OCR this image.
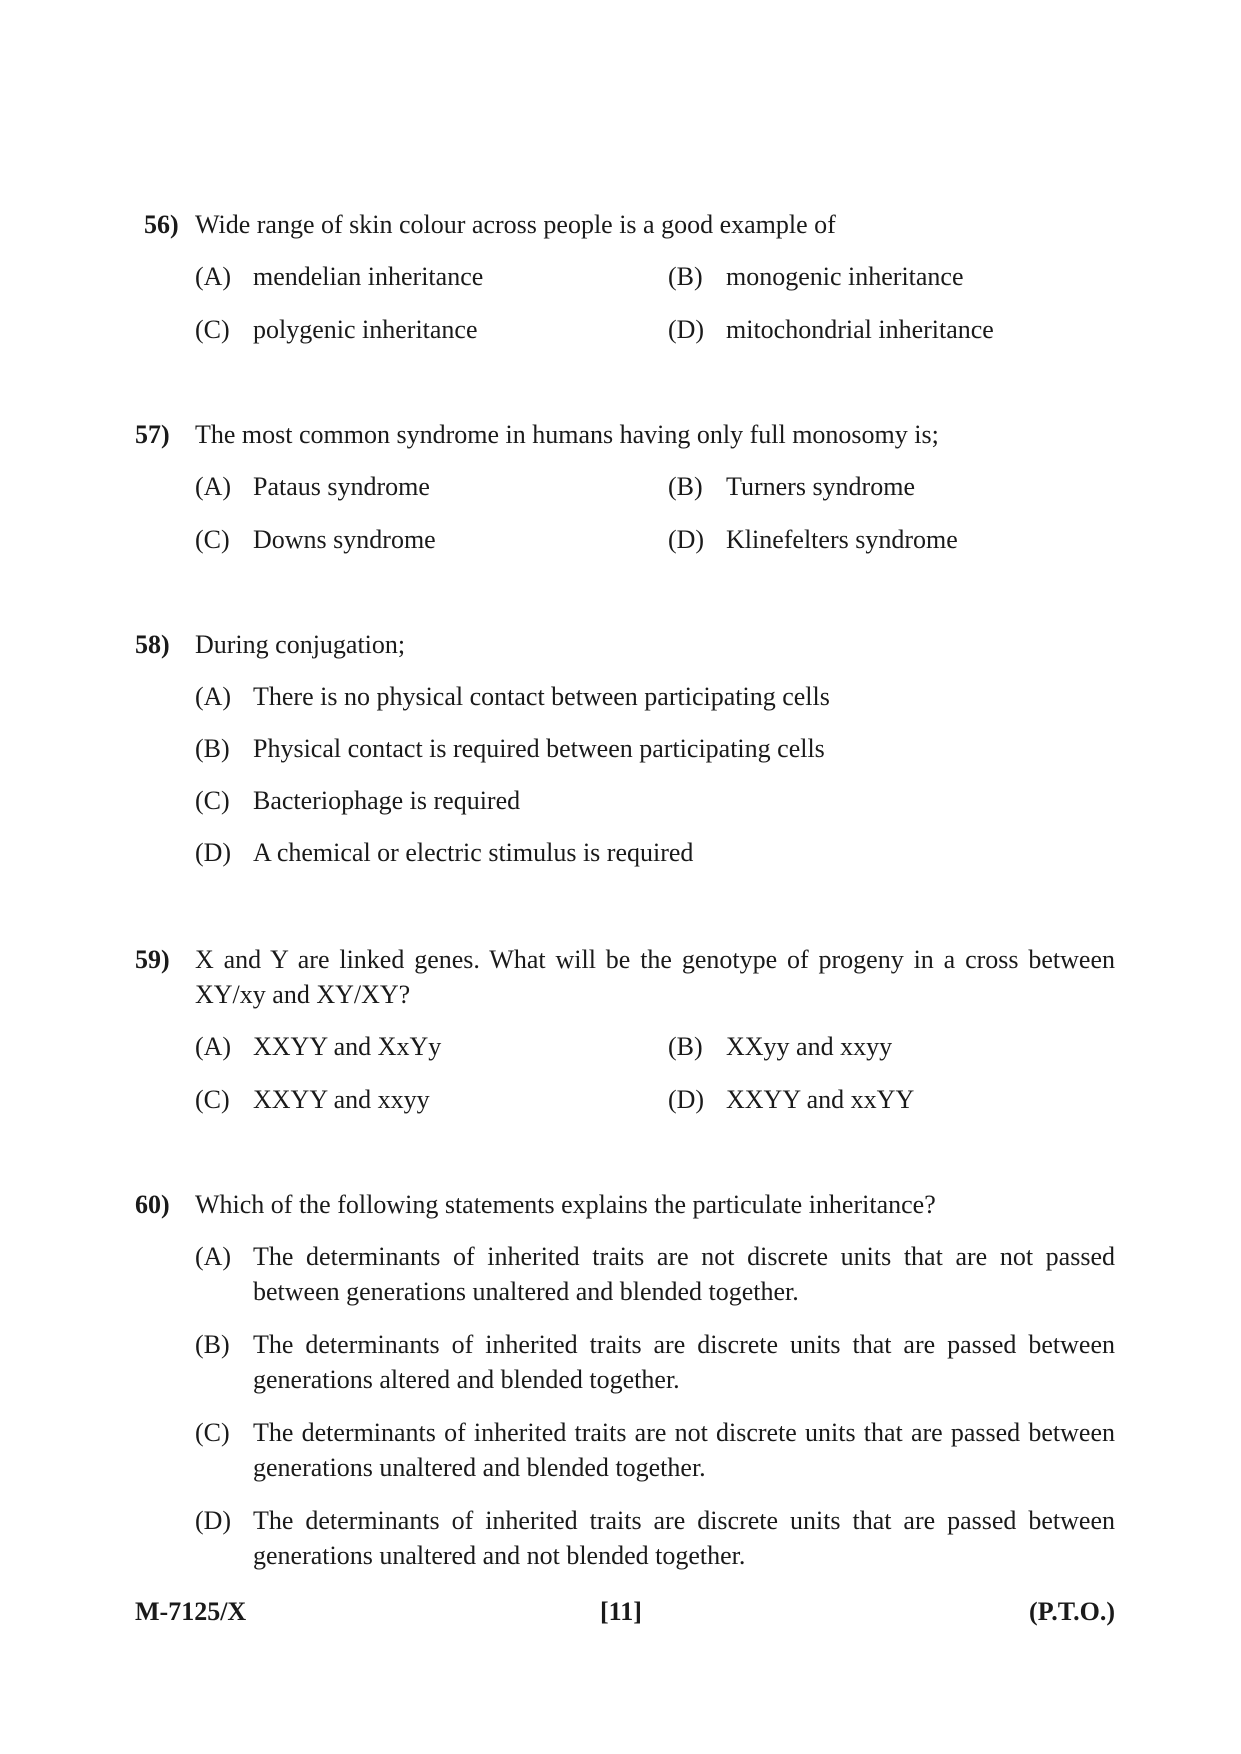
56) Wide range of skin colour across people is a good example of
(A) mendelian inheritance	(B) monogenic inheritance
(C) polygenic inheritance	(D) mitochondrial inheritance
57) The most common syndrome in humans having only full monosomy is;
(A) Pataus syndrome	(B) Turners syndrome
(C) Downs syndrome	(D) Klinefelters syndrome
58) During conjugation;
(A) There is no physical contact between participating cells
(B) Physical contact is required between participating cells
(C) Bacteriophage is required
(D) A chemical or electric stimulus is required
59) X and Y are linked genes. What will be the genotype of progeny in a cross between XY/xy and XY/XY?
(A) XXYY and XxYy	(B) XXyy and xxyy
(C) XXYY and xxyy	(D) XXYY and xxYY
60) Which of the following statements explains the particulate inheritance?
(A) The determinants of inherited traits are not discrete units that are not passed between generations unaltered and blended together.
(B) The determinants of inherited traits are discrete units that are passed between generations altered and blended together.
(C) The determinants of inherited traits are not discrete units that are passed between generations unaltered and blended together.
(D) The determinants of inherited traits are discrete units that are passed between generations unaltered and not blended together.
M-7125/X	[11]	(P.T.O.)
